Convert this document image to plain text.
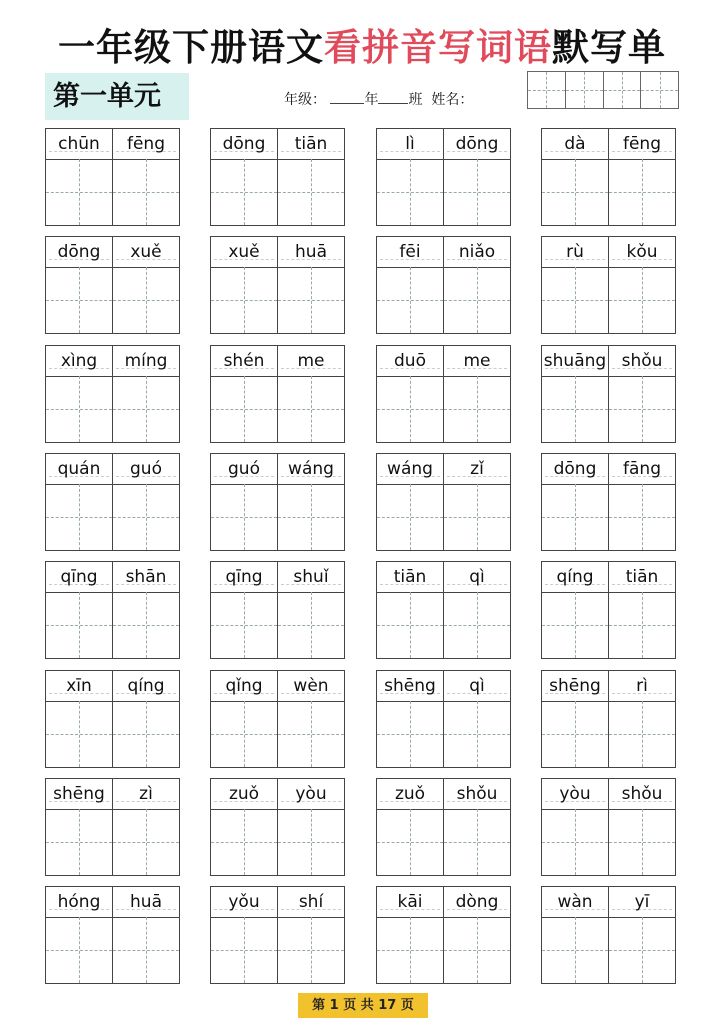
一年级下册语文看拼音写词语默写单
第一单元	年级：	年 班 姓名：
chūn	fēng	dōng	tiān	lì	dōng	dà	fēng
dōng	xuě	xuě	huā	fēi	niǎo	rù	kǒu
xìng	míng	shén	me	duō	me	shuāng shǒu
quán	guó	guó	wáng	wáng	zǐ	dōng	fāng
qīng	shān	qīng	shuǐ	tiān	qì	qíng	tiān
xīn	qíng	qǐng	wèn	shēng	qì	shēng	rì
shēng	zì	zuǒ	yòu	zuǒ	shǒu	yòu	shǒu
hóng	huā	yǒu	shí	kāi	dòng	wàn	yī
第 1 页 共 17 页
